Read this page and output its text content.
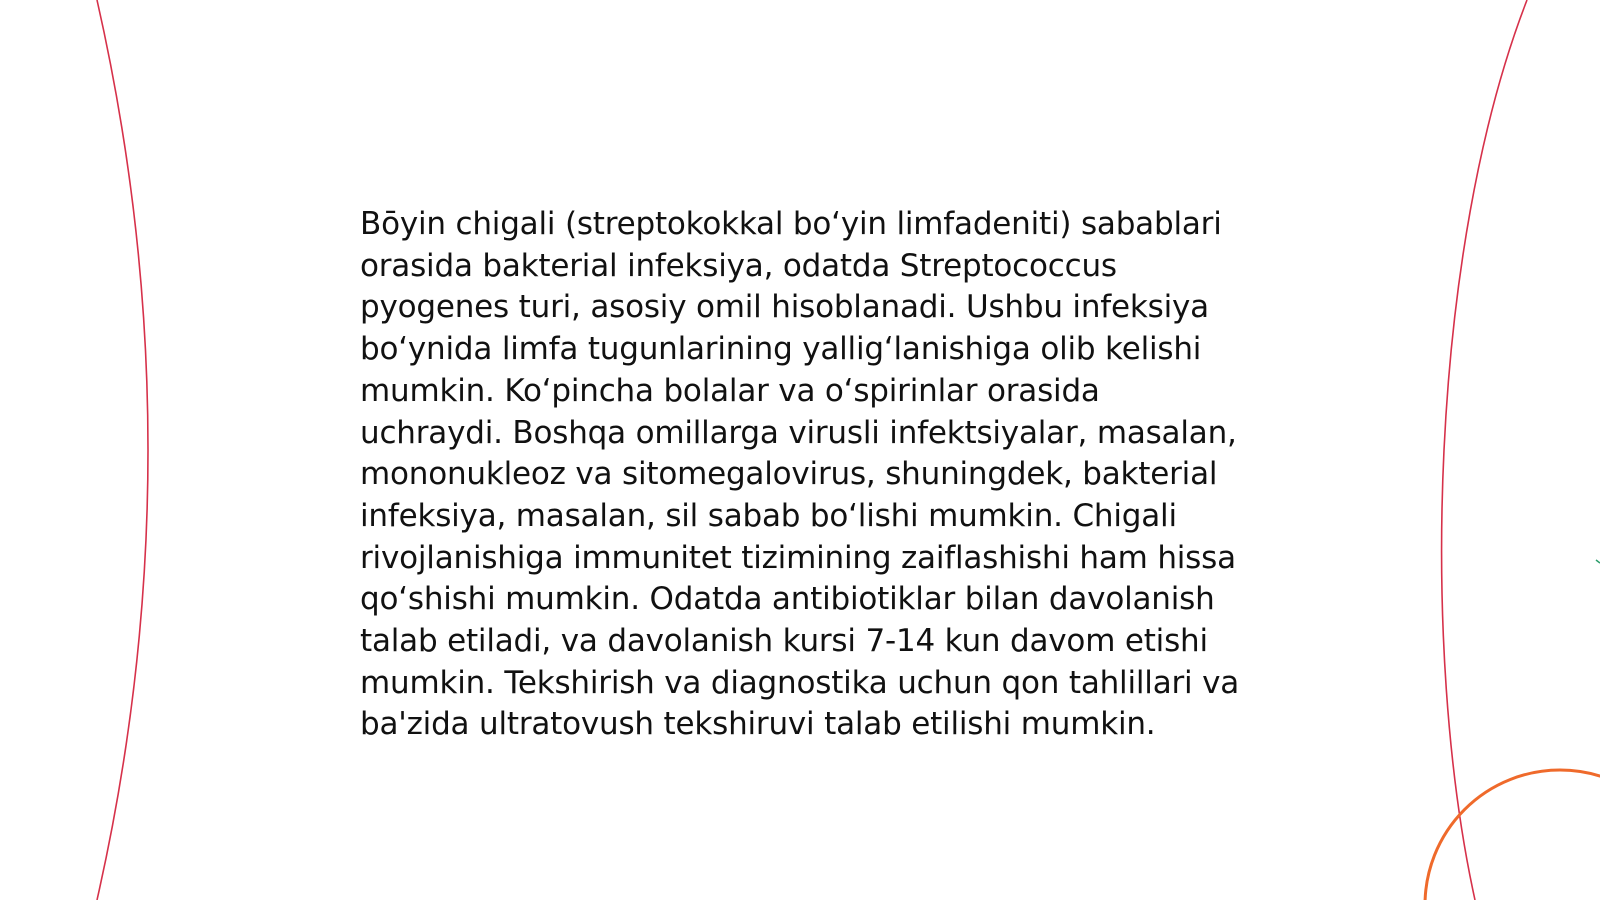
Bōyin chigali (streptokokkal bo‘yin limfadeniti) sabablari orasida bakterial infeksiya, odatda Streptococcus pyogenes turi, asosiy omil hisoblanadi. Ushbu infeksiya bo‘ynida limfa tugunlarining yallig‘lanishiga olib kelishi mumkin. Ko‘pincha bolalar va o‘spirinlar orasida uchraydi. Boshqa omillarga virusli infektsiyalar, masalan, mononukleoz va sitomegalovirus, shuningdek, bakterial infeksiya, masalan, sil sabab bo‘lishi mumkin. Chigali rivojlanishiga immunitet tizimining zaiflashishi ham hissa qo‘shishi mumkin. Odatda antibiotiklar bilan davolanish talab etiladi, va davolanish kursi 7-14 kun davom etishi mumkin. Tekshirish va diagnostika uchun qon tahlillari va ba'zida ultratovush tekshiruvi talab etilishi mumkin.
